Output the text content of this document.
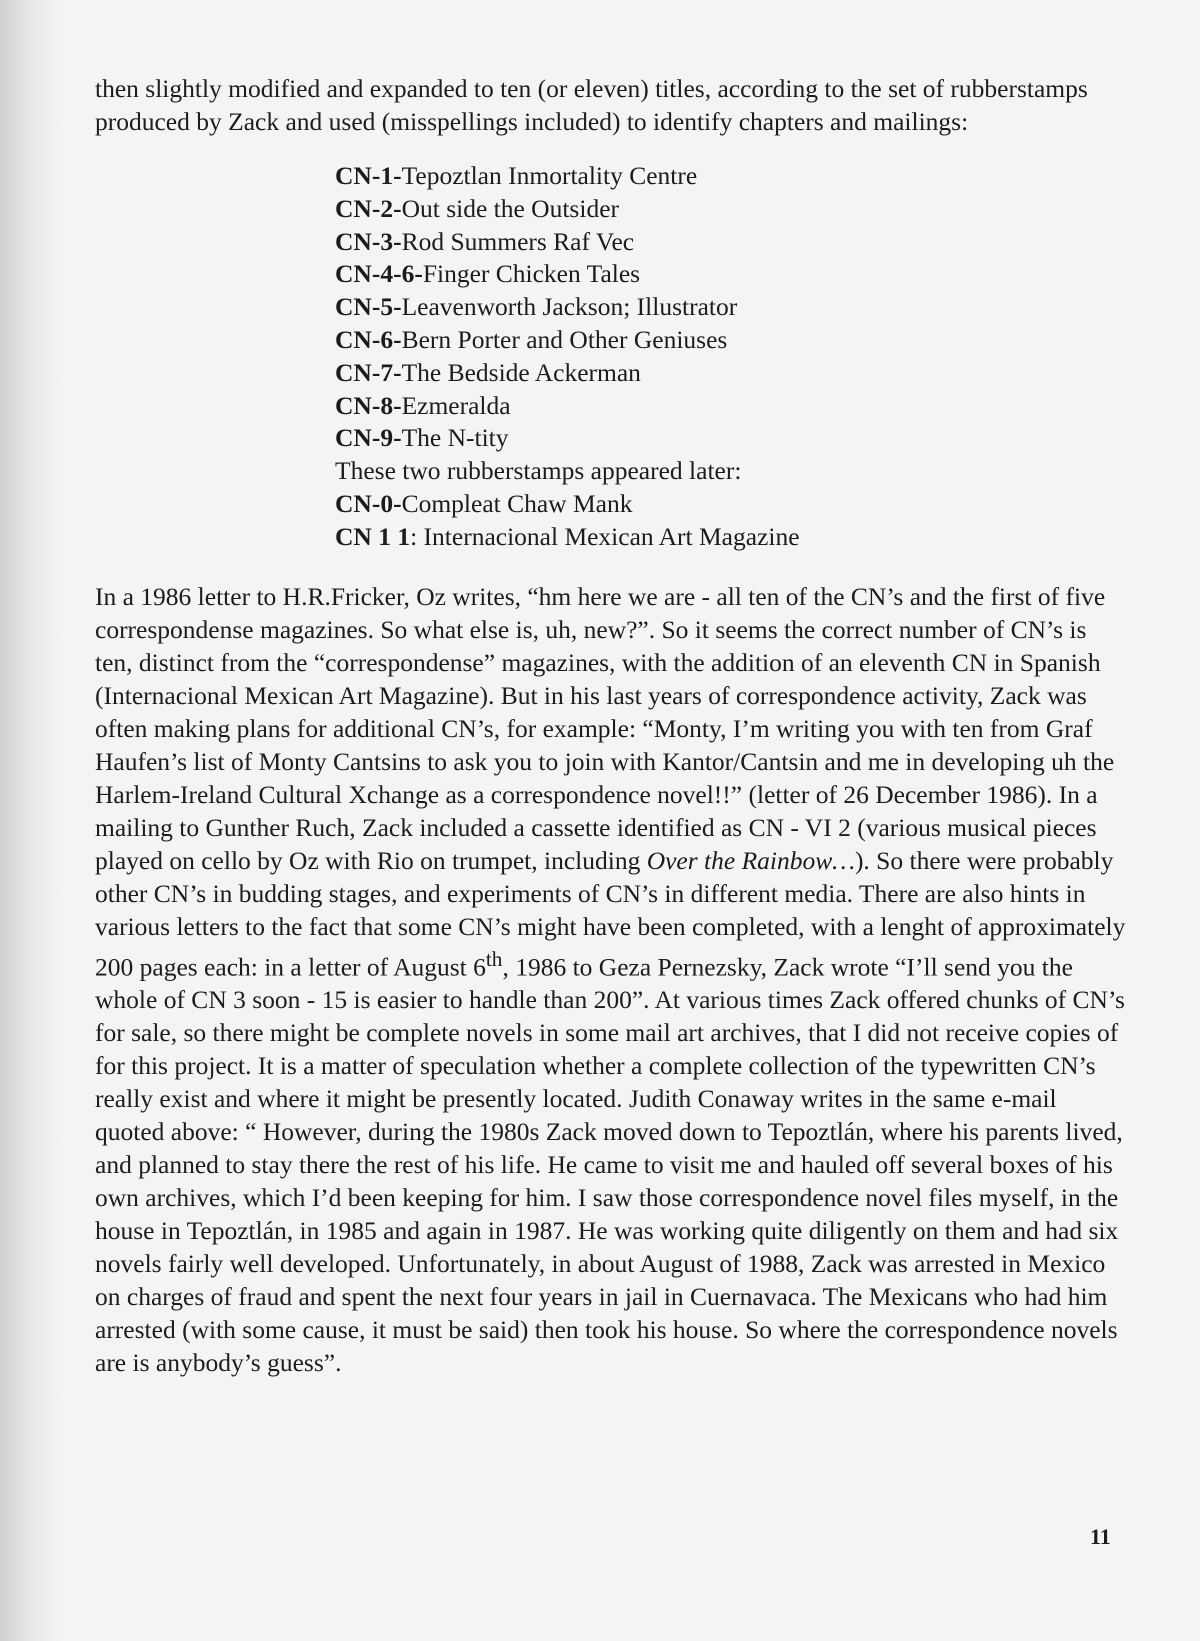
then slightly modified and expanded to ten (or eleven) titles, according to the set of rubberstamps produced by Zack and used (misspellings included) to identify chapters and mailings:

CN-1-Tepoztlan Inmortality Centre
CN-2-Out side the Outsider
CN-3-Rod Summers Raf Vec
CN-4-6-Finger Chicken Tales
CN-5-Leavenworth Jackson; Illustrator
CN-6-Bern Porter and Other Geniuses
CN-7-The Bedside Ackerman
CN-8-Ezmeralda
CN-9-The N-tity
These two rubberstamps appeared later:
CN-0-Compleat Chaw Mank
CN 1 1: Internacional Mexican Art Magazine

In a 1986 letter to H.R.Fricker, Oz writes, “hm here we are - all ten of the CN’s and the first of five correspondense magazines. So what else is, uh, new?”. So it seems the correct number of CN’s is ten, distinct from the “correspondense” magazines, with the addition of an eleventh CN in Spanish (Internacional Mexican Art Magazine). But in his last years of correspondence activity, Zack was often making plans for additional CN’s, for example: “Monty, I’m writing you with ten from Graf Haufen’s list of Monty Cantsins to ask you to join with Kantor/Cantsin and me in developing uh the Harlem-Ireland Cultural Xchange as a correspondence novel!!” (letter of 26 December 1986). In a mailing to Gunther Ruch, Zack included a cassette identified as CN - VI 2 (various musical pieces played on cello by Oz with Rio on trumpet, including Over the Rainbow…). So there were probably other CN’s in budding stages, and experiments of CN’s in different media. There are also hints in various letters to the fact that some CN’s might have been completed, with a lenght of approximately 200 pages each: in a letter of August 6th, 1986 to Geza Pernezsky, Zack wrote “I’ll send you the whole of CN 3 soon - 15 is easier to handle than 200”. At various times Zack offered chunks of CN’s for sale, so there might be complete novels in some mail art archives, that I did not receive copies of for this project. It is a matter of speculation whether a complete collection of the typewritten CN’s really exist and where it might be presently located. Judith Conaway writes in the same e-mail quoted above: “ However, during the 1980s Zack moved down to Tepoztlán, where his parents lived, and planned to stay there the rest of his life. He came to visit me and hauled off several boxes of his own archives, which I’d been keeping for him. I saw those correspondence novel files myself, in the house in Tepoztlán, in 1985 and again in 1987. He was working quite diligently on them and had six novels fairly well developed. Unfortunately, in about August of 1988, Zack was arrested in Mexico on charges of fraud and spent the next four years in jail in Cuernavaca. The Mexicans who had him arrested (with some cause, it must be said) then took his house. So where the correspondence novels are is anybody’s guess”.

11
